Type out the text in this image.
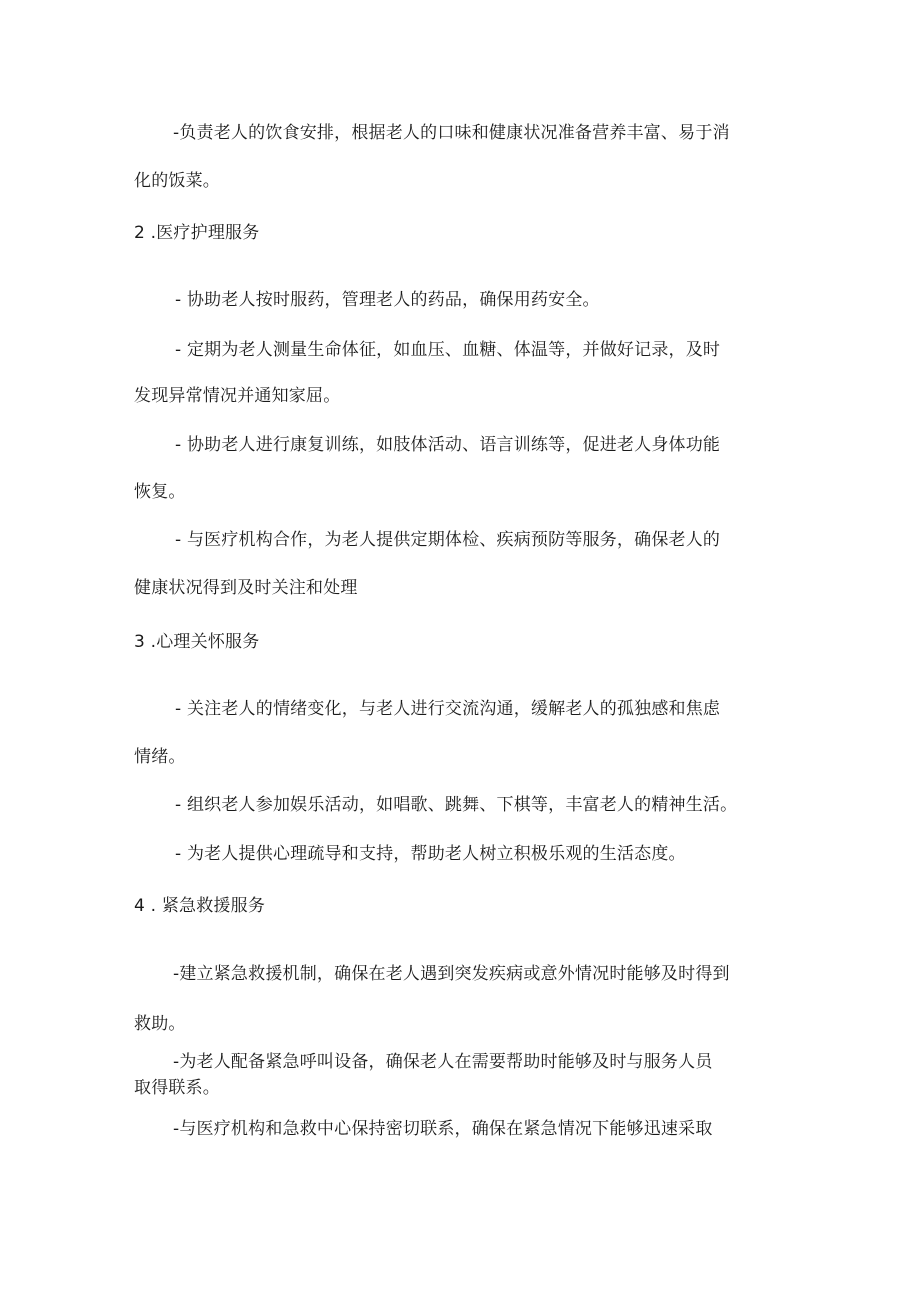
-负责老人的饮食安排，根据老人的口味和健康状况准备营养丰富、易于消

化的饭菜。

2 .医疗护理服务

- 协助老人按时服药，管理老人的药品，确保用药安全。

- 定期为老人测量生命体征，如血压、血糖、体温等，并做好记录，及时

发现异常情况并通知家屈。

- 协助老人进行康复训练，如肢体活动、语言训练等，促进老人身体功能

恢复。

- 与医疗机构合作，为老人提供定期体检、疾病预防等服务，确保老人的

健康状况得到及时关注和处理

3 .心理关怀服务

- 关注老人的情绪变化，与老人进行交流沟通，缓解老人的孤独感和焦虑

情绪。

- 组织老人参加娱乐活动，如唱歌、跳舞、下棋等，丰富老人的精神生活。

- 为老人提供心理疏导和支持，帮助老人树立积极乐观的生活态度。

4 . 紧急救援服务

-建立紧急救援机制，确保在老人遇到突发疾病或意外情况时能够及时得到

救助。

-为老人配备紧急呼叫设备，确保老人在需要帮助时能够及时与服务人员

取得联系。

-与医疗机构和急救中心保持密切联系，确保在紧急情况下能够迅速采取
